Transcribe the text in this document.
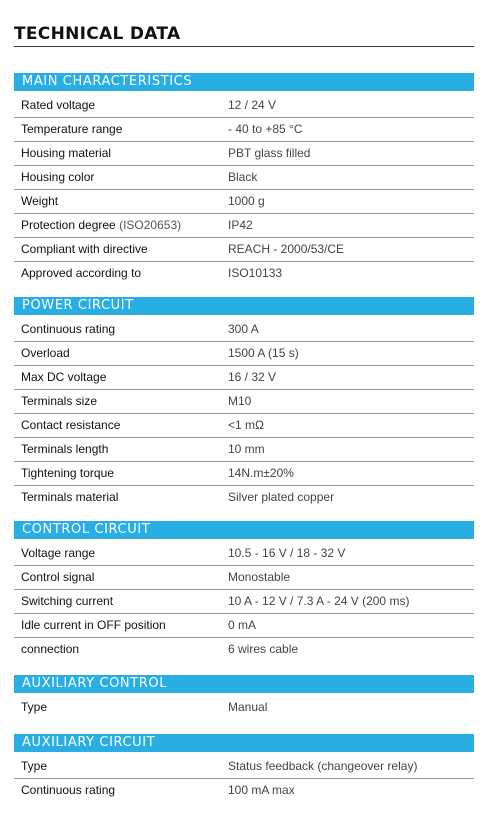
TECHNICAL DATA
MAIN CHARACTERISTICS
Rated voltage	12 / 24 V
Temperature range	- 40 to +85 °C
Housing material	PBT glass filled
Housing color	Black
Weight	1000 g
Protection degree (ISO20653)	IP42
Compliant with directive	REACH - 2000/53/CE
Approved according to	ISO10133
POWER CIRCUIT
Continuous rating	300 A
Overload	1500 A (15 s)
Max DC voltage	16 / 32 V
Terminals size	M10
Contact resistance	<1 mΩ
Terminals length	10 mm
Tightening torque	14N.m±20%
Terminals material	Silver plated copper
CONTROL CIRCUIT
Voltage range	10.5 - 16 V / 18 - 32 V
Control signal	Monostable
Switching current	10 A - 12 V / 7.3 A - 24 V (200 ms)
Idle current in OFF position	0 mA
connection	6 wires cable
AUXILIARY CONTROL
Type	Manual
AUXILIARY CIRCUIT
Type	Status feedback (changeover relay)
Continuous rating	100 mA max
